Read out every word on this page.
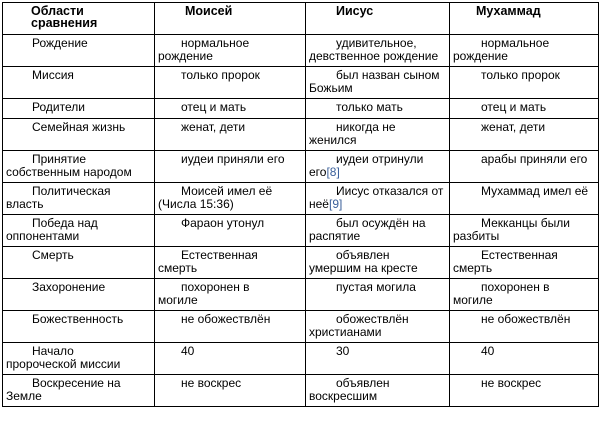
Области сравнения	Моисей	Иисус	Мухаммад
Рождение	нормальное рождение	удивительное, девственное рождение	нормальное рождение
Миссия	только пророк	был назван сыном Божьим	только пророк
Родители	отец и мать	только мать	отец и мать
Семейная жизнь	женат, дети	никогда не женился	женат, дети
Принятие собственным народом	иудеи приняли его	иудеи отринули его[8]	арабы приняли его
Политическая власть	Моисей имел её (Числа 15:36)	Иисус отказался от неё[9]	Мухаммад имел её
Победа над оппонентами	Фараон утонул	был осуждён на распятие	Мекканцы были разбиты
Смерть	Естественная смерть	объявлен умершим на кресте	Естественная смерть
Захоронение	похоронен в могиле	пустая могила	похоронен в могиле
Божественность	не обожествлён	обожествлён христианами	не обожествлён
Начало пророческой миссии	40	30	40
Воскресение на Земле	не воскрес	объявлен воскресшим	не воскрес
